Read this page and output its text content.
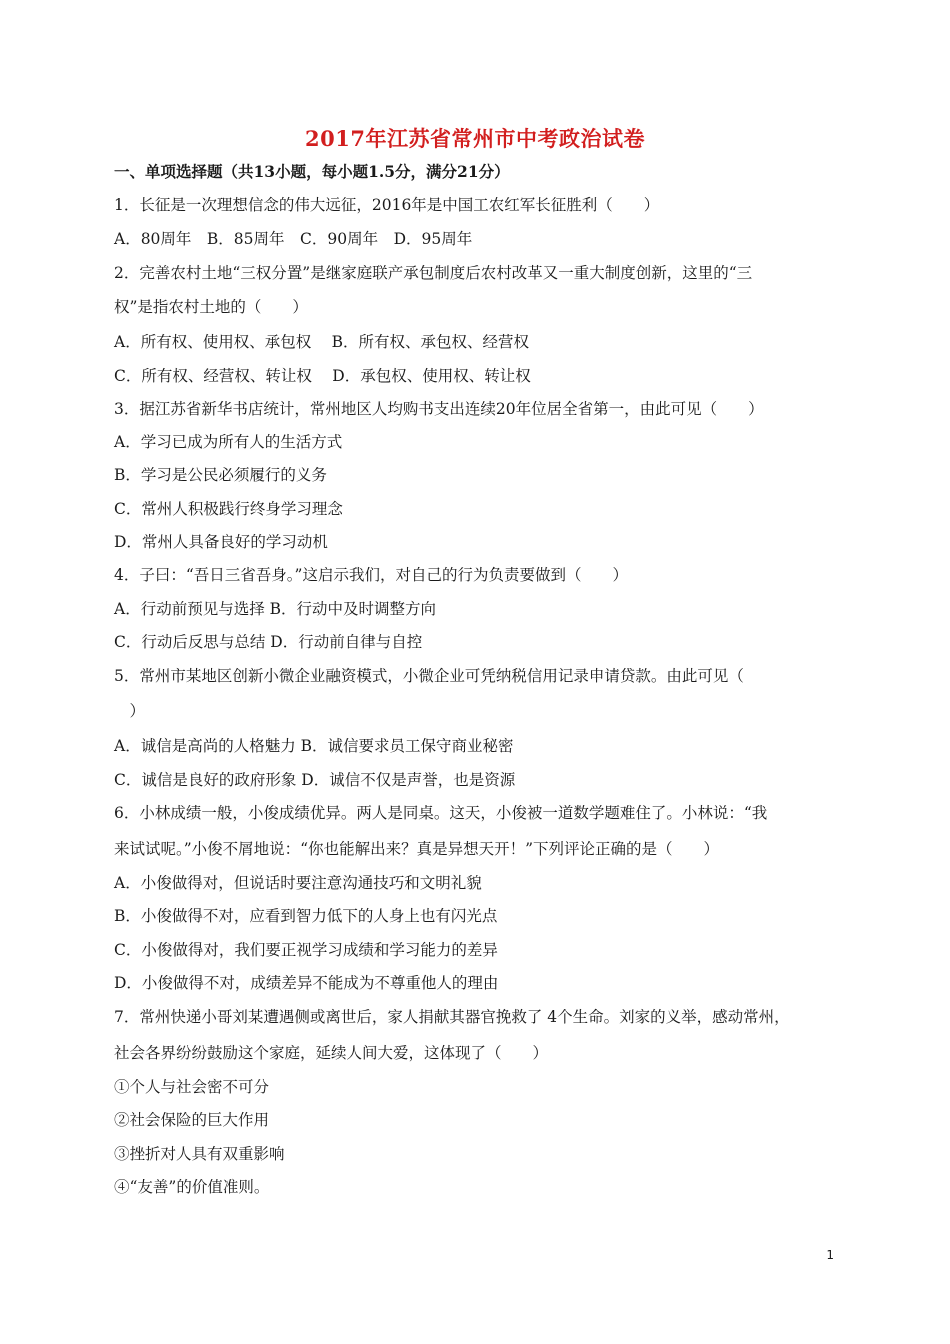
2017年江苏省常州市中考政治试卷
一、单项选择题（共13小题，每小题1.5分，满分21分）
1．长征是一次理想信念的伟大远征，2016年是中国工农红军长征胜利（　　）
A．80周年　B．85周年　C．90周年　D．95周年
2．完善农村土地“三权分置”是继家庭联产承包制度后农村改革又一重大制度创新，这里的“三
权”是指农村土地的（　　）
A．所有权、使用权、承包权　 B．所有权、承包权、经营权
C．所有权、经营权、转让权　 D．承包权、使用权、转让权
3．据江苏省新华书店统计，常州地区人均购书支出连续20年位居全省第一，由此可见（　　）
A．学习已成为所有人的生活方式
B．学习是公民必须履行的义务
C．常州人积极践行终身学习理念
D．常州人具备良好的学习动机
4．子曰：“吾日三省吾身。”这启示我们，对自己的行为负责要做到（　　）
A．行动前预见与选择 B．行动中及时调整方向
C．行动后反思与总结 D．行动前自律与自控
5．常州市某地区创新小微企业融资模式，小微企业可凭纳税信用记录申请贷款。由此可见（
　）
A．诚信是高尚的人格魅力 B．诚信要求员工保守商业秘密
C．诚信是良好的政府形象 D．诚信不仅是声誉，也是资源
6．小林成绩一般，小俊成绩优异。两人是同桌。这天，小俊被一道数学题难住了。小林说：“我
来试试呢。”小俊不屑地说：“你也能解出来？真是异想天开！”下列评论正确的是（　　）
A．小俊做得对，但说话时要注意沟通技巧和文明礼貌
B．小俊做得不对，应看到智力低下的人身上也有闪光点
C．小俊做得对，我们要正视学习成绩和学习能力的差异
D．小俊做得不对，成绩差异不能成为不尊重他人的理由
7．常州快递小哥刘某遭遇侧或离世后，家人捐献其器官挽救了 4个生命。刘家的义举，感动常州，
社会各界纷纷鼓励这个家庭，延续人间大爱，这体现了（　　）
①个人与社会密不可分
②社会保险的巨大作用
③挫折对人具有双重影响
④“友善”的价值准则。
1
